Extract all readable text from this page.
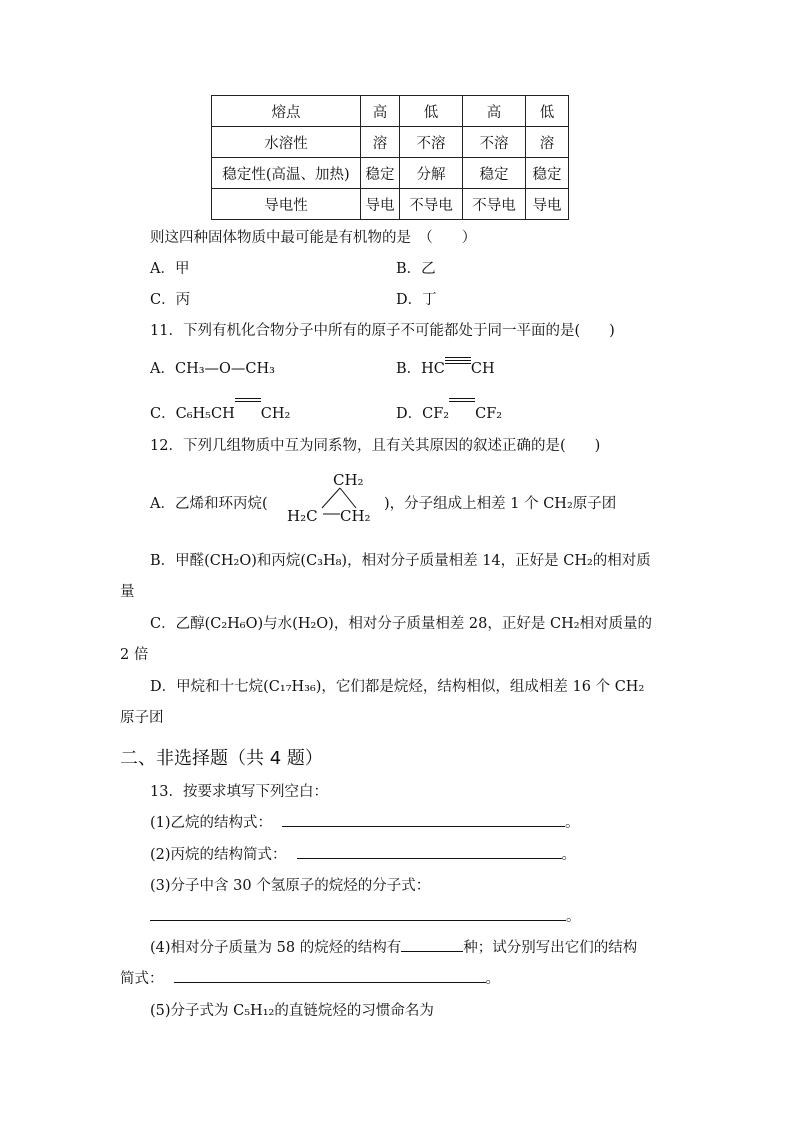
熔点	高	低	高	低
水溶性	溶	不溶	不溶	溶
稳定性(高温、加热)	稳定	分解	稳定	稳定
导电性	导电	不导电	不导电	导电
则这四种固体物质中最可能是有机物的是　（　　）
A．甲	B．乙
C．丙	D．丁
11．下列有机化合物分子中所有的原子不可能都处于同一平面的是(　　)
A．CH₃—O—CH₃	B．HC CH
C．C₆H₅CH CH₂	D．CF₂ CF₂
12．下列几组物质中互为同系物，且有关其原因的叙述正确的是(　　)
A．乙烯和环丙烷(
CH₂
H₂C CH₂
)，分子组成上相差 1 个 CH₂原子团
B．甲醛(CH₂O)和丙烷(C₃H₈)，相对分子质量相差 14，正好是 CH₂的相对质
量
C．乙醇(C₂H₆O)与水(H₂O)，相对分子质量相差 28，正好是 CH₂相对质量的
2 倍
D．甲烷和十七烷(C₁₇H₃₆)，它们都是烷烃，结构相似，组成相差 16 个 CH₂
原子团
二、非选择题（共 4 题）
13．按要求填写下列空白：
(1)乙烷的结构式：	。
(2)丙烷的结构简式：	。
(3)分子中含 30 个氢原子的烷烃的分子式：
。
(4)相对分子质量为 58 的烷烃的结构有	种；试分别写出它们的结构
简式：	。
(5)分子式为 C₅H₁₂的直链烷烃的习惯命名为
